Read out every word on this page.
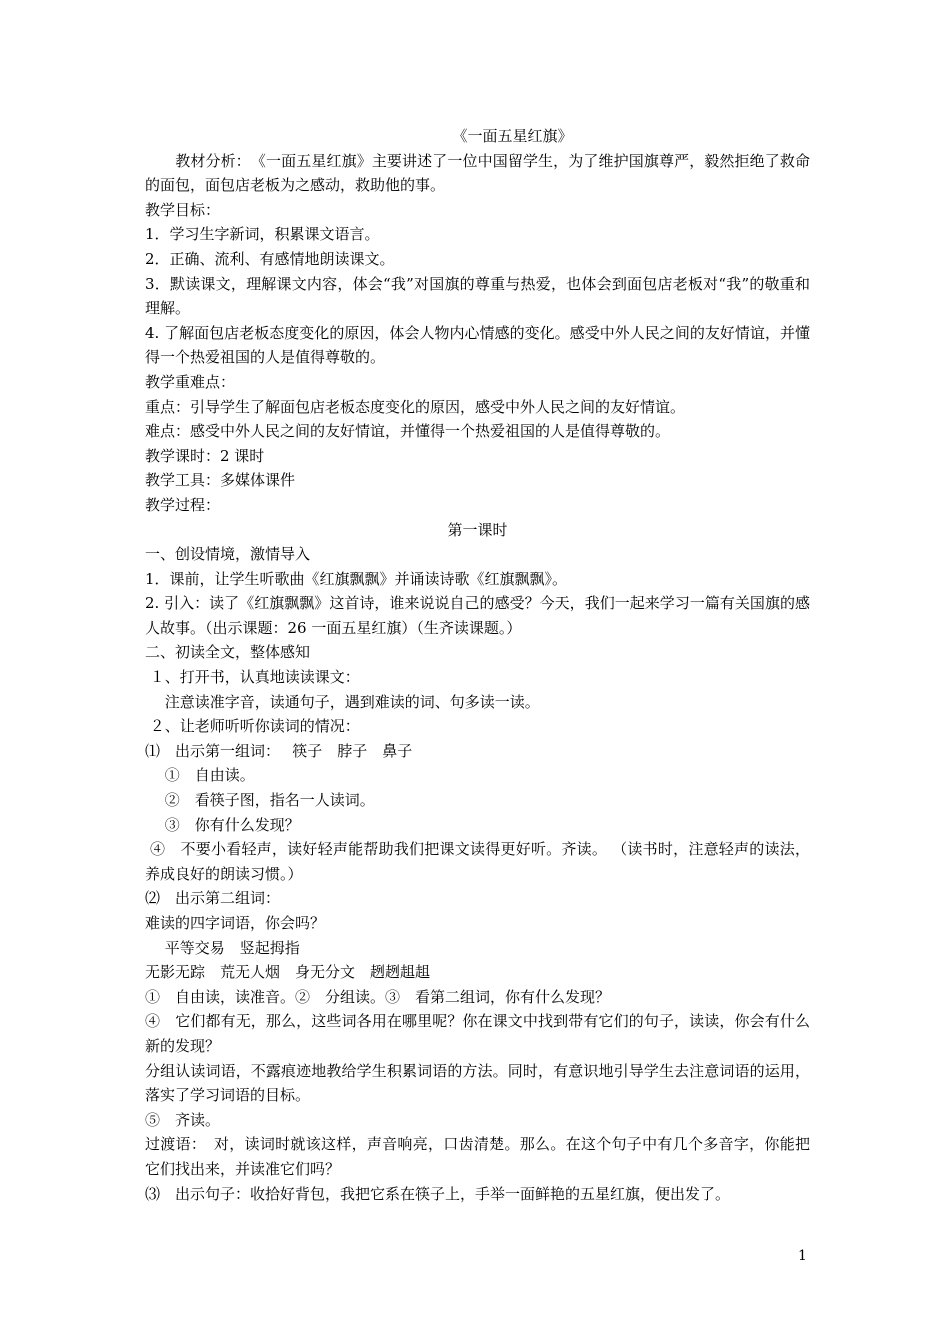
《一面五星红旗》

　　教材分析：　《一面五星红旗》主要讲述了一位中国留学生，为了维护国旗尊严，毅然拒绝了救命的面包，面包店老板为之感动，救助他的事。

教学目标：

1．学习生字新词，积累课文语言。

2．正确、流利、有感情地朗读课文。

3．默读课文，理解课文内容，体会“我”对国旗的尊重与热爱，也体会到面包店老板对“我”的敬重和理解。

4. 了解面包店老板态度变化的原因，体会人物内心情感的变化。感受中外人民之间的友好情谊，并懂得一个热爱祖国的人是值得尊敬的。

教学重难点：

重点：引导学生了解面包店老板态度变化的原因，感受中外人民之间的友好情谊。

难点：感受中外人民之间的友好情谊，并懂得一个热爱祖国的人是值得尊敬的。

教学课时：2 课时

教学工具：多媒体课件

教学过程：

第一课时

一、创设情境，激情导入

1．课前，让学生听歌曲《红旗飘飘》并诵读诗歌《红旗飘飘》。

2. 引入：读了《红旗飘飘》这首诗，谁来说说自己的感受？今天，我们一起来学习一篇有关国旗的感人故事。（出示课题：26 一面五星红旗）（生齐读课题。）

二、初读全文，整体感知

１、打开书，认真地读读课文：

　 注意读准字音，读通句子，遇到难读的词、句多读一读。

２、让老师听听你读词的情况：

⑴　出示第一组词：　 筷子　脖子　鼻子

　 ①　自由读。

　 ②　看筷子图，指名一人读词。

　 ③　你有什么发现？

④　不要小看轻声，读好轻声能帮助我们把课文读得更好听。齐读。 （读书时，注意轻声的读法，养成良好的朗读习惯。）

⑵　出示第二组词：

难读的四字词语，你会吗？

　 平等交易　竖起拇指

无影无踪　荒无人烟　身无分文　趔趔趄趄

①　自由读，读准音。②　分组读。③　看第二组词，你有什么发现？

④　它们都有无，那么，这些词各用在哪里呢？你在课文中找到带有它们的句子，读读，你会有什么新的发现？

分组认读词语，不露痕迹地教给学生积累词语的方法。同时，有意识地引导学生去注意词语的运用，落实了学习词语的目标。

⑤　齐读。

过渡语：　对，读词时就该这样，声音响亮，口齿清楚。那么。在这个句子中有几个多音字，你能把它们找出来，并读准它们吗？

⑶　出示句子：收拾好背包，我把它系在筷子上，手举一面鲜艳的五星红旗，便出发了。

1
